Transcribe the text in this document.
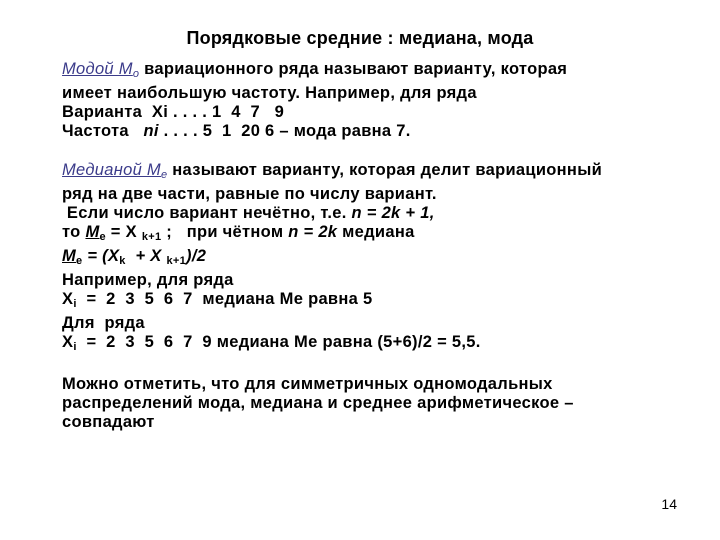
Порядковые средние : медиана, мода
Модой $М_o$ вариационного ряда называют варианту, которая
имеет наибольшую частоту. Например, для ряда
Варианта  Хi . . . . 1  4  7   9
Частота   ni . . . . 5  1  20 6 – мода равна 7.
Медианой $М_e$ называют варианту, которая делит вариационный
ряд на две части, равные по числу вариант.
Если число вариант нечётно, т.е. n = 2k + 1,
то $М_e = Х$ $_{k+1}$ ;   при чётном n = 2k медиана
$М_e = (Х_k + Х$ $_{k+1}$)/2
Например, для ряда
$Х_i = 2$  3  5  6  7  медиана Ме равна 5
Для  ряда
$Х_i = 2$  3  5  6  7  9 медиана Ме равна (5+6)/2 = 5,5.
Можно отметить, что для симметричных одномодальных
распределений мода, медиана и среднее арифметическое –
совпадают
14
